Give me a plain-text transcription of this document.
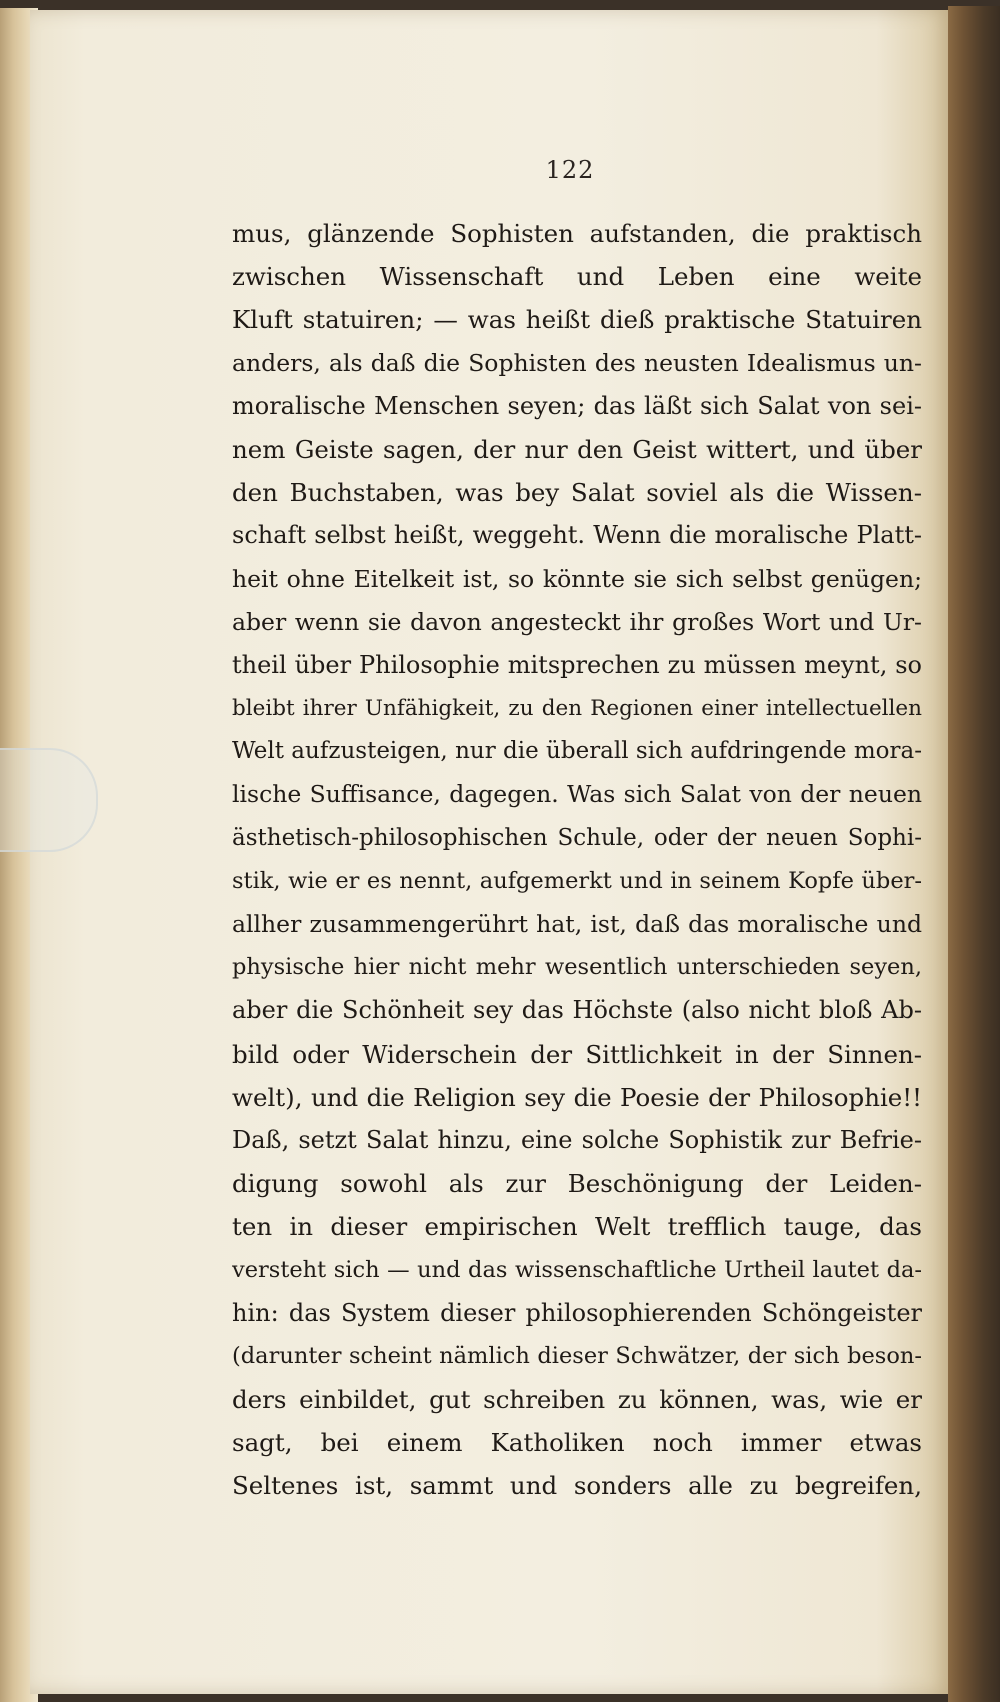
122
mus, glänzende Sophisten aufstanden, die praktisch
zwischen Wissenschaft und Leben eine weite
Kluft statuiren; — was heißt dieß praktische Statuiren
anders, als daß die Sophisten des neusten Idealismus un-
moralische Menschen seyen; das läßt sich Salat von sei-
nem Geiste sagen, der nur den Geist wittert, und über
den Buchstaben, was bey Salat soviel als die Wissen-
schaft selbst heißt, weggeht. Wenn die moralische Platt-
heit ohne Eitelkeit ist, so könnte sie sich selbst genügen;
aber wenn sie davon angesteckt ihr großes Wort und Ur-
theil über Philosophie mitsprechen zu müssen meynt, so
bleibt ihrer Unfähigkeit, zu den Regionen einer intellectuellen
Welt aufzusteigen, nur die überall sich aufdringende mora-
lische Suffisance, dagegen. Was sich Salat von der neuen
ästhetisch-philosophischen Schule, oder der neuen Sophi-
stik, wie er es nennt, aufgemerkt und in seinem Kopfe über-
allher zusammengerührt hat, ist, daß das moralische und
physische hier nicht mehr wesentlich unterschieden seyen,
aber die Schönheit sey das Höchste (also nicht bloß Ab-
bild oder Widerschein der Sittlichkeit in der Sinnen-
welt), und die Religion sey die Poesie der Philosophie!!
Daß, setzt Salat hinzu, eine solche Sophistik zur Befrie-
digung sowohl als zur Beschönigung der Leiden-
ten in dieser empirischen Welt trefflich tauge, das
versteht sich — und das wissenschaftliche Urtheil lautet da-
hin: das System dieser philosophierenden Schöngeister
(darunter scheint nämlich dieser Schwätzer, der sich beson-
ders einbildet, gut schreiben zu können, was, wie er
sagt, bei einem Katholiken noch immer etwas
Seltenes ist, sammt und sonders alle zu begreifen,
